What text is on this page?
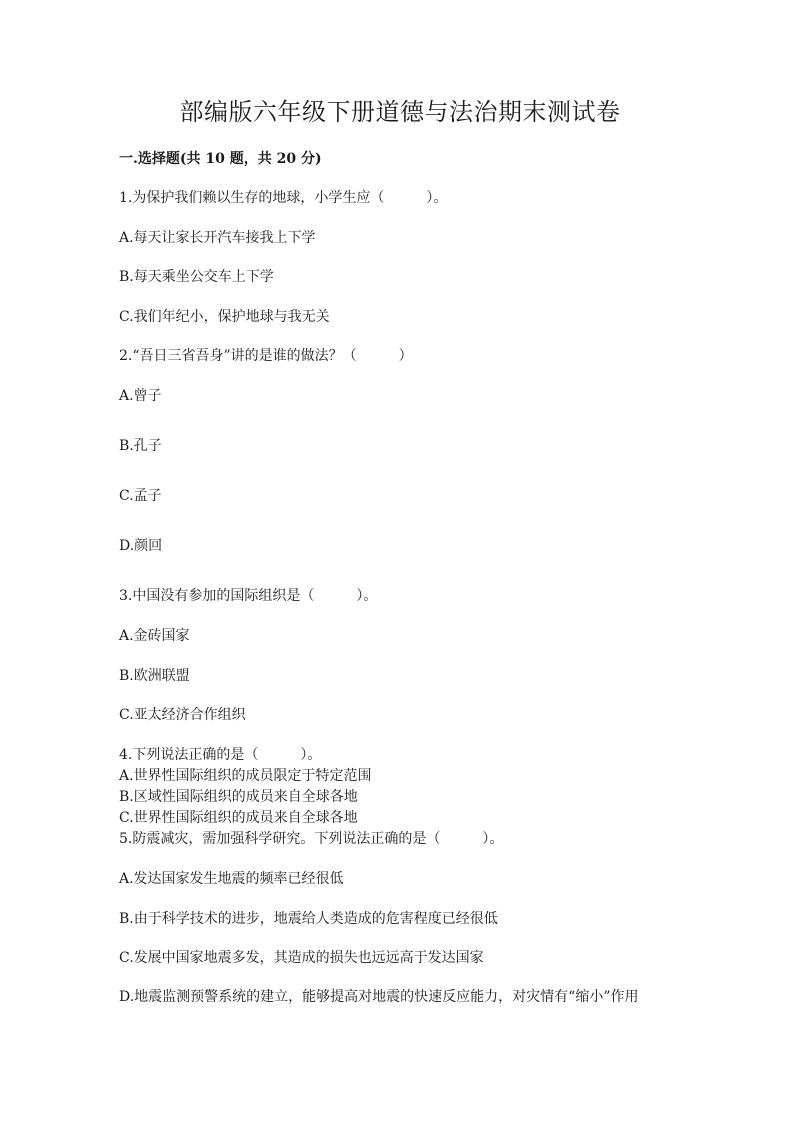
部编版六年级下册道德与法治期末测试卷
一.选择题(共 10 题，共 20 分)
1.为保护我们赖以生存的地球，小学生应（　　　）。
A.每天让家长开汽车接我上下学
B.每天乘坐公交车上下学
C.我们年纪小，保护地球与我无关
2.“吾日三省吾身”讲的是谁的做法？（　　　）
A.曾子
B.孔子
C.孟子
D.颜回
3.中国没有参加的国际组织是（　　　）。
A.金砖国家
B.欧洲联盟
C.亚太经济合作组织
4.下列说法正确的是（　　　）。
A.世界性国际组织的成员限定于特定范围
B.区域性国际组织的成员来自全球各地
C.世界性国际组织的成员来自全球各地
5.防震减灾，需加强科学研究。下列说法正确的是（　　　）。
A.发达国家发生地震的频率已经很低
B.由于科学技术的进步，地震给人类造成的危害程度已经很低
C.发展中国家地震多发，其造成的损失也远远高于发达国家
D.地震监测预警系统的建立，能够提高对地震的快速反应能力，对灾情有“缩小”作用
